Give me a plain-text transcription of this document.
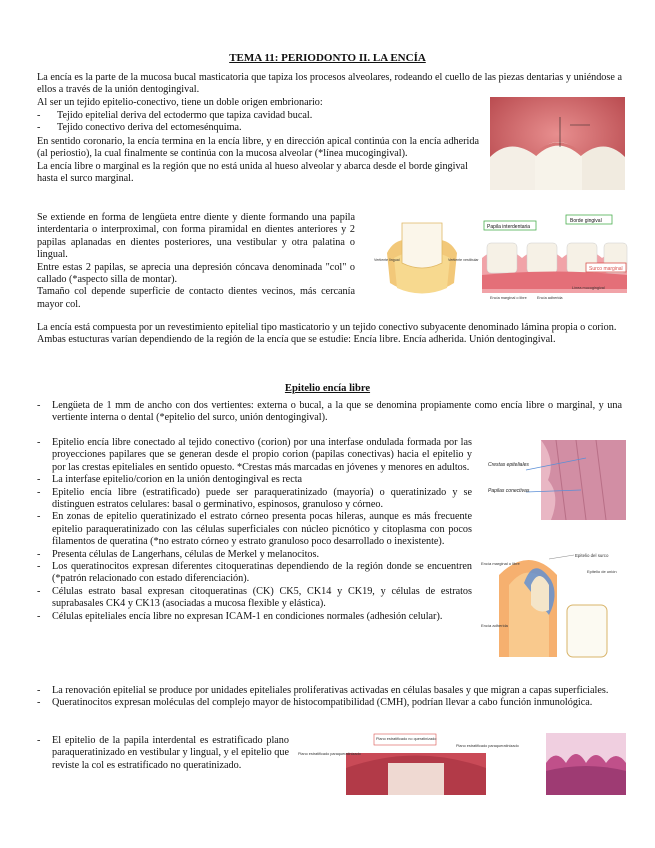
TEMA 11: PERIODONTO II. LA ENCÍA

La encía es la parte de la mucosa bucal masticatoria que tapiza los procesos alveolares, rodeando el cuello de las piezas dentarias y uniéndose a ellos a través de la unión dentogingival.

Al ser un tejido epitelio-conectivo, tiene un doble origen embrionario:

- Tejido epitelial deriva del ectodermo que tapiza cavidad bucal.
- Tejido conectivo deriva del ectomesénquima.

En sentido coronario, la encía termina en la encía libre, y en dirección apical continúa con la encía adherida (al periostio), la cual finalmente se continúa con la mucosa alveolar (*línea mucogingival).

La encía libre o marginal es la región que no está unida al hueso alveolar y abarca desde el borde gingival

hasta el surco marginal.

Se extiende en forma de lengüeta entre diente y diente formando una papila interdentaria o interproximal, con forma piramidal en dientes anteriores y 2 papilas aplanadas en dientes posteriores, una vestibular y otra palatina o lingual.

Entre estas 2 papilas, se aprecia una depresión cóncava denominada "col" o callado (*aspecto silla de montar).

Tamaño col depende superficie de contacto dientes vecinos, más cercanía mayor col.

La encía está compuesta por un revestimiento epitelial tipo masticatorio y un tejido conectivo subyacente denominado lámina propia o corion.

Ambas estucturas varían dependiendo de la región de la encía que se estudie: Encía libre. Encía adherida. Unión dentogingival.

Epitelio encía libre
- Lengüeta de 1 mm de ancho con dos vertientes: externa o bucal, a la que se denomina propiamente como encía libre o marginal, y una vertiente interna o dental (*epitelio del surco, unión dentogingival).
- Epitelio encía libre conectado al tejido conectivo (corion) por una interfase ondulada formada por las proyecciones papilares que se generan desde el propio corion (papilas conectivas) hacia el epitelio y por las crestas epiteliales en sentido opuesto. *Crestas más marcadas en jóvenes y menores en adultos.
- La interfase epitelio/corion en la unión dentogingival es recta
- Epitelio encía libre (estratificado) puede ser paraqueratinizado (mayoría) o queratinizado y se distinguen estratos celulares: basal o germinativo, espinosos, granuloso y córneo.
- En zonas de epitelio queratinizado el estrato córneo presenta pocas hileras, aunque es más frecuente epitelio paraqueratinizado con las células superficiales con núcleo picnótico y citoplasma con pocos filamentos de queratina (*no estrato córneo y estrato granuloso poco desarrollado o inexistente).
- Presenta células de Langerhans, células de Merkel y melanocitos.
- Los queratinocitos expresan diferentes citoqueratinas dependiendo de la región donde se encuentren (*patrón relacionado con estado diferenciación).
- Células estrato basal expresan citoqueratinas (CK) CK5, CK14 y CK19, y células de estratos suprabasales CK4 y CK13 (asociadas a mucosa flexible y elástica).
- Células epiteliales encía libre no expresan ICAM-1 en condiciones normales (adhesión celular).
- La renovación epitelial se produce por unidades epiteliales proliferativas activadas en células basales y que migran a capas superficiales.
- Queratinocitos expresan moléculas del complejo mayor de histocompatibilidad (CMH), podrían llevar a cabo función inmunológica.
- El epitelio de la papila interdental es estratificado plano paraqueratinizado en vestibular y lingual, y el epitelio que reviste la col es estratificado no queratinizado.
Vertiente lingual	Vertiente vestibular
Papila interdentaria
Borde gingival
Surco marginal
Línea mucogingival
Encía marginal o libre	Encía adherida
Crestas epiteliales
Papilas conectivas
Epitelio del surco
Encía marginal o libre
Epitelio de unión
Encía adherida
Plano estratificado no queratinizado
Plano estratificado paraqueratinizado
Plano estratificado paraqueratinizado
